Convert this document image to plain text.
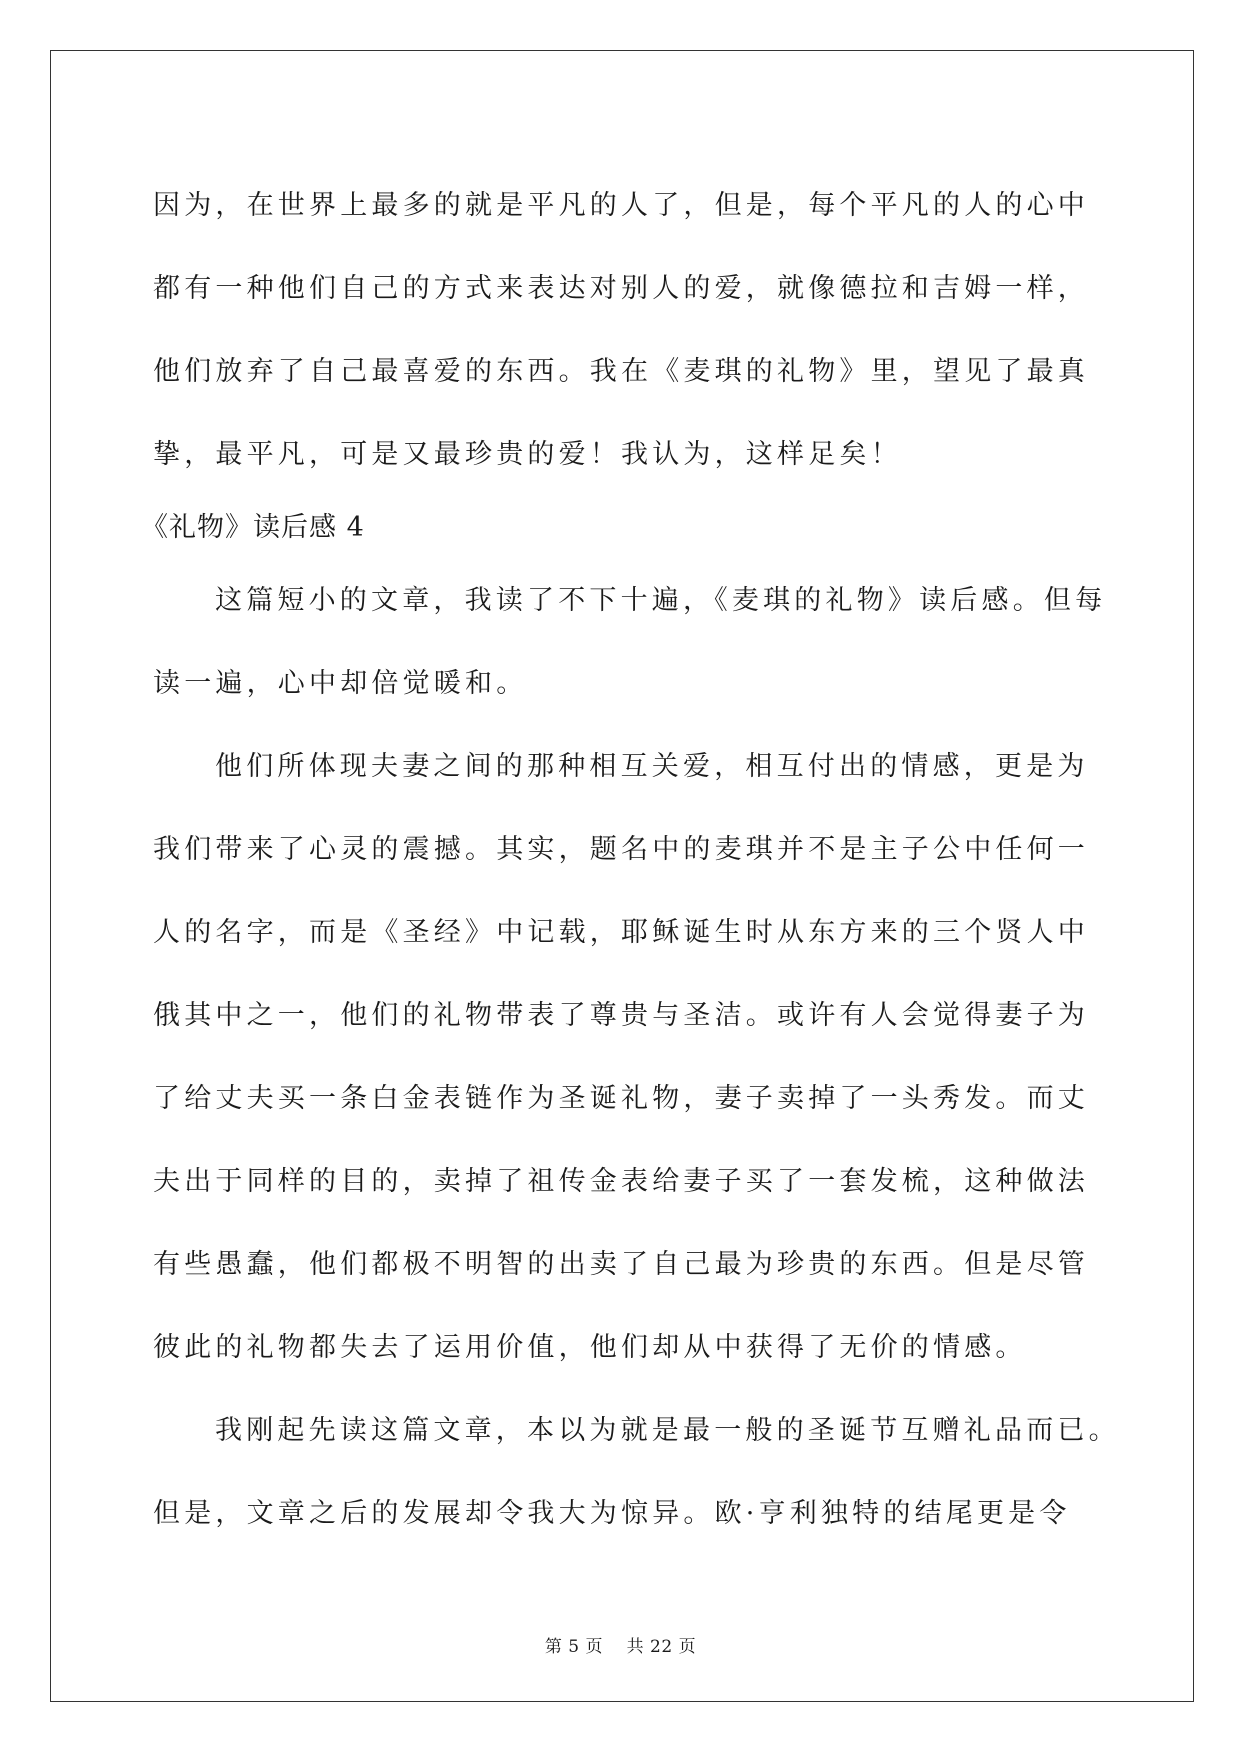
因为，在世界上最多的就是平凡的人了，但是，每个平凡的人的心中

都有一种他们自己的方式来表达对别人的爱，就像德拉和吉姆一样，

他们放弃了自己最喜爱的东西。我在《麦琪的礼物》里，望见了最真

挚，最平凡，可是又最珍贵的爱！我认为，这样足矣！

《礼物》读后感 4

这篇短小的文章，我读了不下十遍，《麦琪的礼物》读后感。但每

读一遍，心中却倍觉暖和。

他们所体现夫妻之间的那种相互关爱，相互付出的情感，更是为

我们带来了心灵的震撼。其实，题名中的麦琪并不是主子公中任何一

人的名字，而是《圣经》中记载，耶稣诞生时从东方来的三个贤人中

俄其中之一，他们的礼物带表了尊贵与圣洁。或许有人会觉得妻子为

了给丈夫买一条白金表链作为圣诞礼物，妻子卖掉了一头秀发。而丈

夫出于同样的目的，卖掉了祖传金表给妻子买了一套发梳，这种做法

有些愚蠢，他们都极不明智的出卖了自己最为珍贵的东西。但是尽管

彼此的礼物都失去了运用价值，他们却从中获得了无价的情感。

我刚起先读这篇文章，本以为就是最一般的圣诞节互赠礼品而已。

但是，文章之后的发展却令我大为惊异。欧·亨利独特的结尾更是令

第 5 页    共 22 页
